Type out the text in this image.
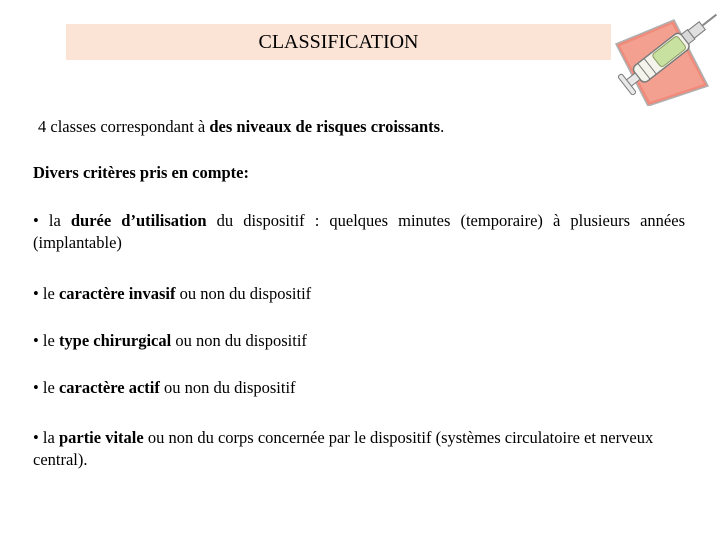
CLASSIFICATION
4 classes correspondant à des niveaux de risques croissants.
Divers critères pris en compte:
• la durée d’utilisation du dispositif : quelques minutes (temporaire) à plusieurs années (implantable)
• le caractère invasif ou non du dispositif
• le type chirurgical ou non du dispositif
• le caractère actif ou non du dispositif
• la partie vitale ou non du corps concernée par le dispositif (systèmes circulatoire et nerveux central).
